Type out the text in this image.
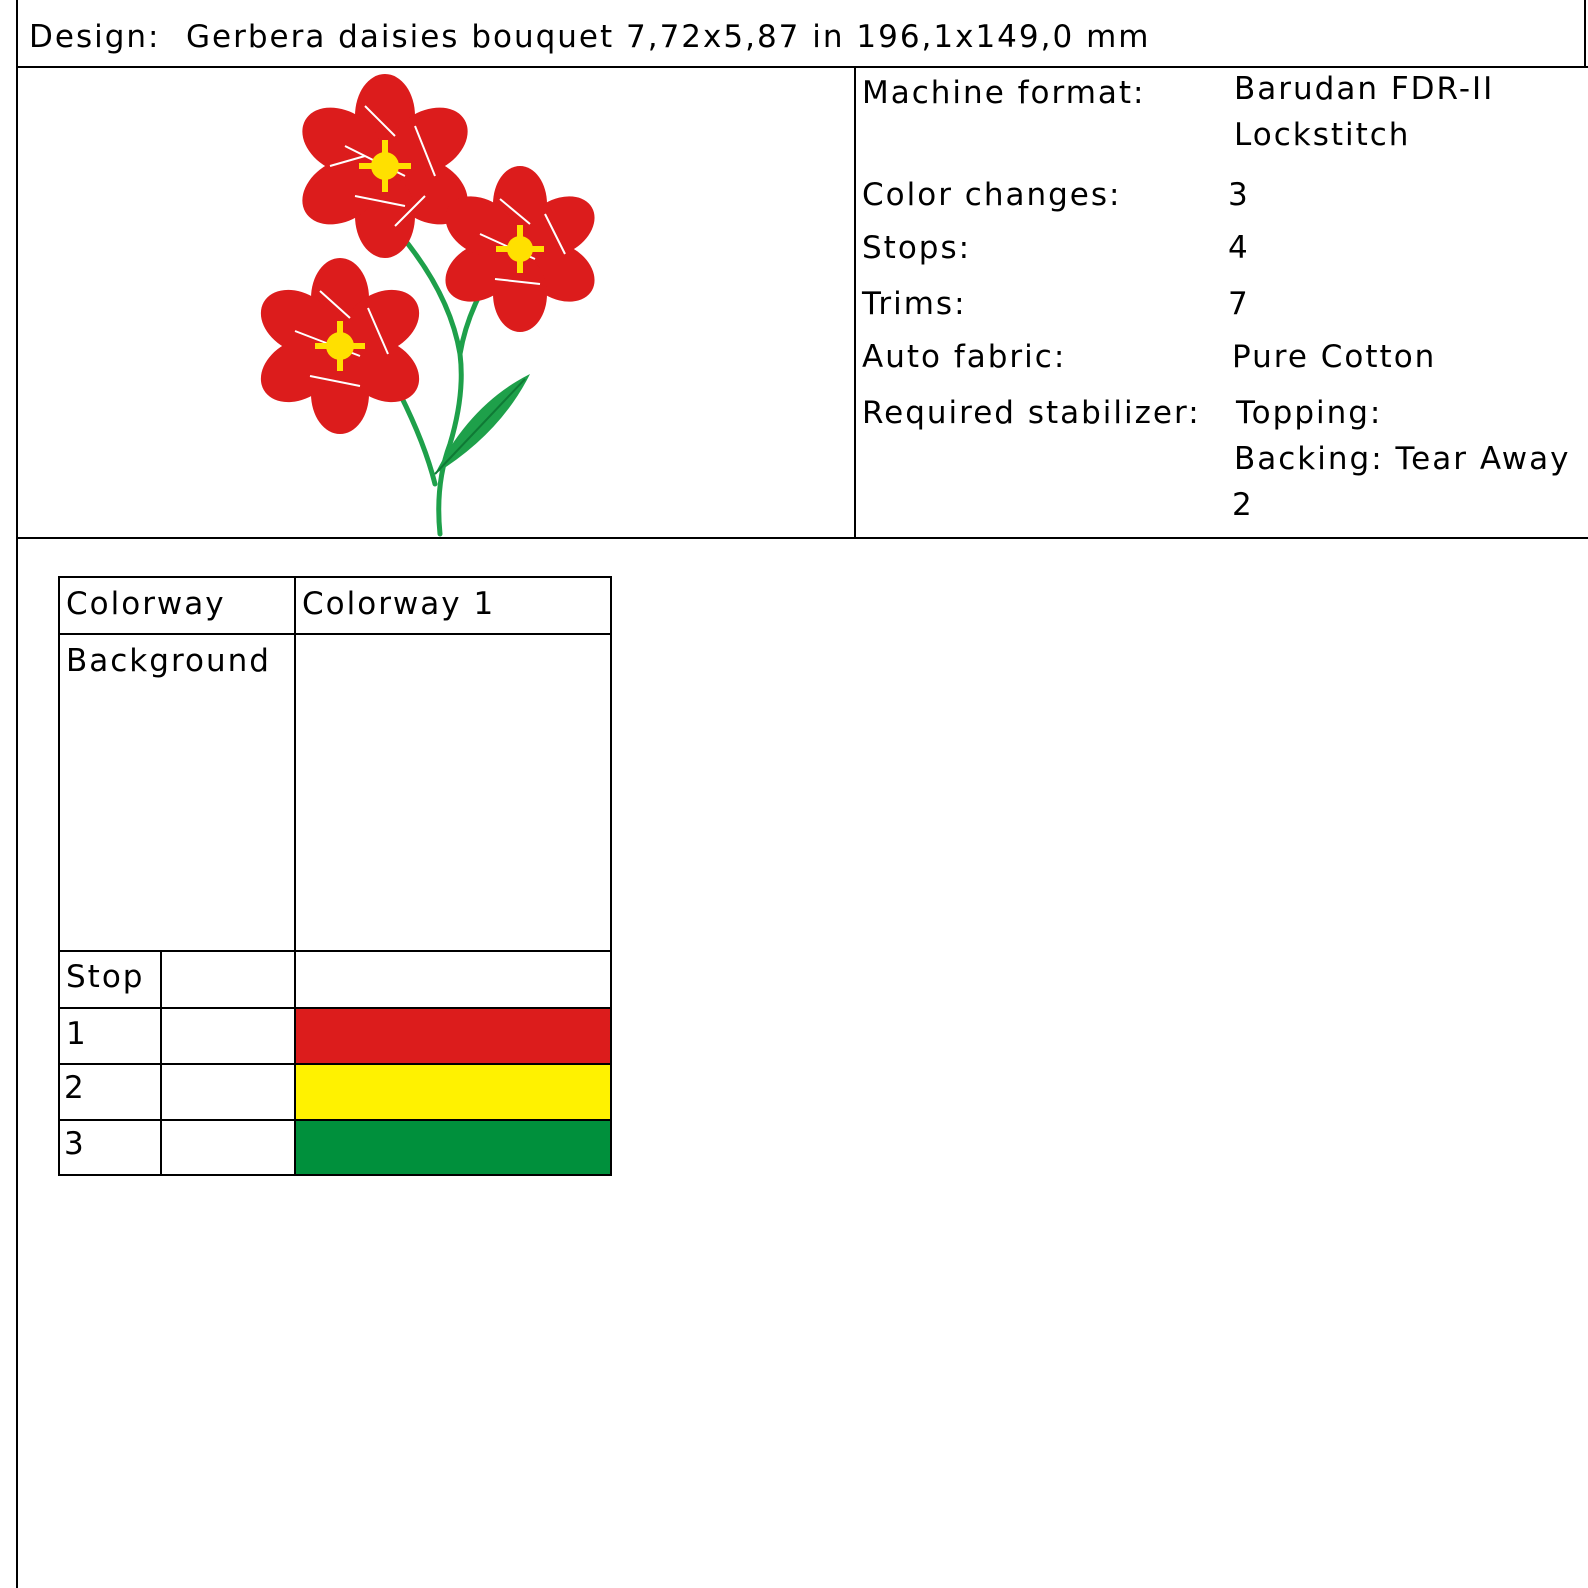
Design: Gerbera daisies bouquet 7,72x5,87 in 196,1x149,0 mm
Machine format:	Barudan FDR-II
Lockstitch
Color changes:	3
Stops:	4
Trims:	7
Auto fabric:	Pure Cotton
Required stabilizer: Topping:
Backing: Tear Away
2
Colorway Colorway 1
Background
Stop
1
2
3
